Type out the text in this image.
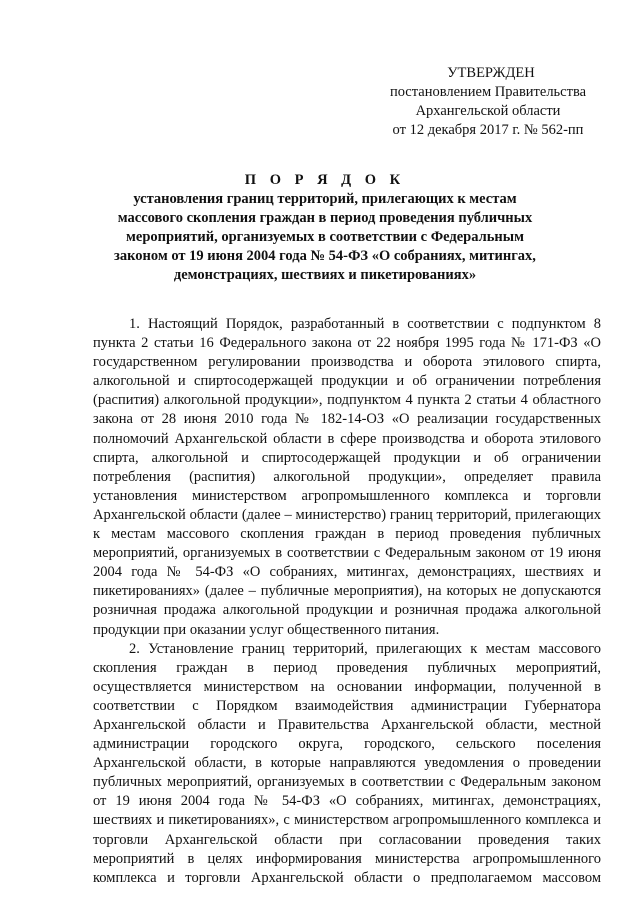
УТВЕРЖДЕН
постановлением Правительства
Архангельской области
от 12 декабря 2017 г. № 562-пп
П О Р Я Д О К
установления границ территорий, прилегающих к местам
массового скопления граждан в период проведения публичных
мероприятий, организуемых в соответствии с Федеральным
законом от 19 июня 2004 года № 54-ФЗ «О собраниях, митингах,
демонстрациях, шествиях и пикетированиях»

1. Настоящий Порядок, разработанный в соответствии с подпунктом 8 пункта 2 статьи 16 Федерального закона от 22 ноября 1995 года № 171-ФЗ «О государственном регулировании производства и оборота этилового спирта, алкогольной и спиртосодержащей продукции и об ограничении потребления (распития) алкогольной продукции», подпунктом 4 пункта 2 статьи 4 областного закона от 28 июня 2010 года № 182-14-ОЗ «О реализации государственных полномочий Архангельской области в сфере производства и оборота этилового спирта, алкогольной и спиртосодержащей продукции и об ограничении потребления (распития) алкогольной продукции», определяет правила установления министерством агропромышленного комплекса и торговли Архангельской области (далее – министерство) границ территорий, прилегающих к местам массового скопления граждан в период проведения публичных мероприятий, организуемых в соответствии с Федеральным законом от 19 июня 2004 года № 54-ФЗ «О собраниях, митингах, демонстрациях, шествиях и пикетированиях» (далее – публичные мероприятия), на которых не допускаются розничная продажа алкогольной продукции и розничная продажа алкогольной продукции при оказании услуг общественного питания.

2. Установление границ территорий, прилегающих к местам массового скопления граждан в период проведения публичных мероприятий, осуществляется министерством на основании информации, полученной в соответствии с Порядком взаимодействия администрации Губернатора Архангельской области и Правительства Архангельской области, местной администрации городского округа, городского, сельского поселения Архангельской области, в которые направляются уведомления о проведении публичных мероприятий, организуемых в соответствии с Федеральным законом от 19 июня 2004 года № 54-ФЗ «О собраниях, митингах, демонстрациях, шествиях и пикетированиях», с министерством агропромышленного комплекса и торговли Архангельской области при согласовании проведения таких мероприятий в целях информирования министерства агропромышленного комплекса и торговли Архангельской области о предполагаемом массовом
